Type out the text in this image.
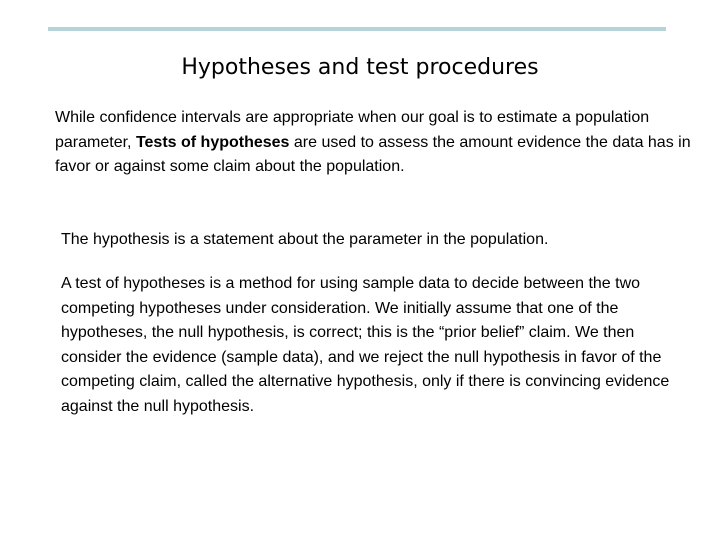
Hypotheses and test procedures

While confidence intervals are appropriate when our goal is to estimate a population parameter, Tests of hypotheses are used to assess the amount evidence the data has in favor or against some claim about the population.

The hypothesis is a statement about the parameter in the population.

A test of hypotheses is a method for using sample data to decide between the two competing hypotheses under consideration. We initially assume that one of the hypotheses, the null hypothesis, is correct; this is the “prior belief” claim. We then consider the evidence (sample data), and we reject the null hypothesis in favor of the competing claim, called the alternative hypothesis, only if there is convincing evidence against the null hypothesis.
